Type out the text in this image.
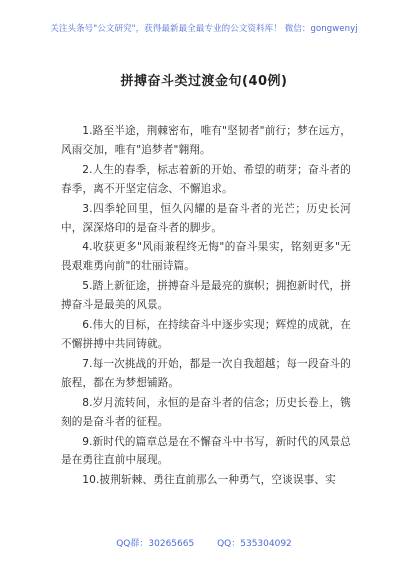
关注头条号"公文研究"，获得最新最全最专业的公文资料库！ 微信：gongwenyj
拼搏奋斗类过渡金句(40例)

1.路至半途，荆棘密布，唯有"坚韧者"前行；梦在远方，风雨交加，唯有"追梦者"翱翔。

2.人生的春季，标志着新的开始、希望的萌芽；奋斗者的春季，离不开坚定信念、不懈追求。

3.四季轮回里，恒久闪耀的是奋斗者的光芒；历史长河中，深深烙印的是奋斗者的脚步。

4.收获更多"风雨兼程终无悔"的奋斗果实，铭刻更多"无畏艰难勇向前"的壮丽诗篇。

5.踏上新征途，拼搏奋斗是最亮的旗帜；拥抱新时代，拼搏奋斗是最美的风景。

6.伟大的目标，在持续奋斗中逐步实现；辉煌的成就，在不懈拼搏中共同铸就。

7.每一次挑战的开始，都是一次自我超越；每一段奋斗的旅程，都在为梦想铺路。

8.岁月流转间，永恒的是奋斗者的信念；历史长卷上，镌刻的是奋斗者的征程。

9.新时代的篇章总是在不懈奋斗中书写，新时代的风景总是在勇往直前中展现。

10.披荆斩棘、勇往直前那么一种勇气，空谈误事、实

QQ群：30265665	QQ：535304092
